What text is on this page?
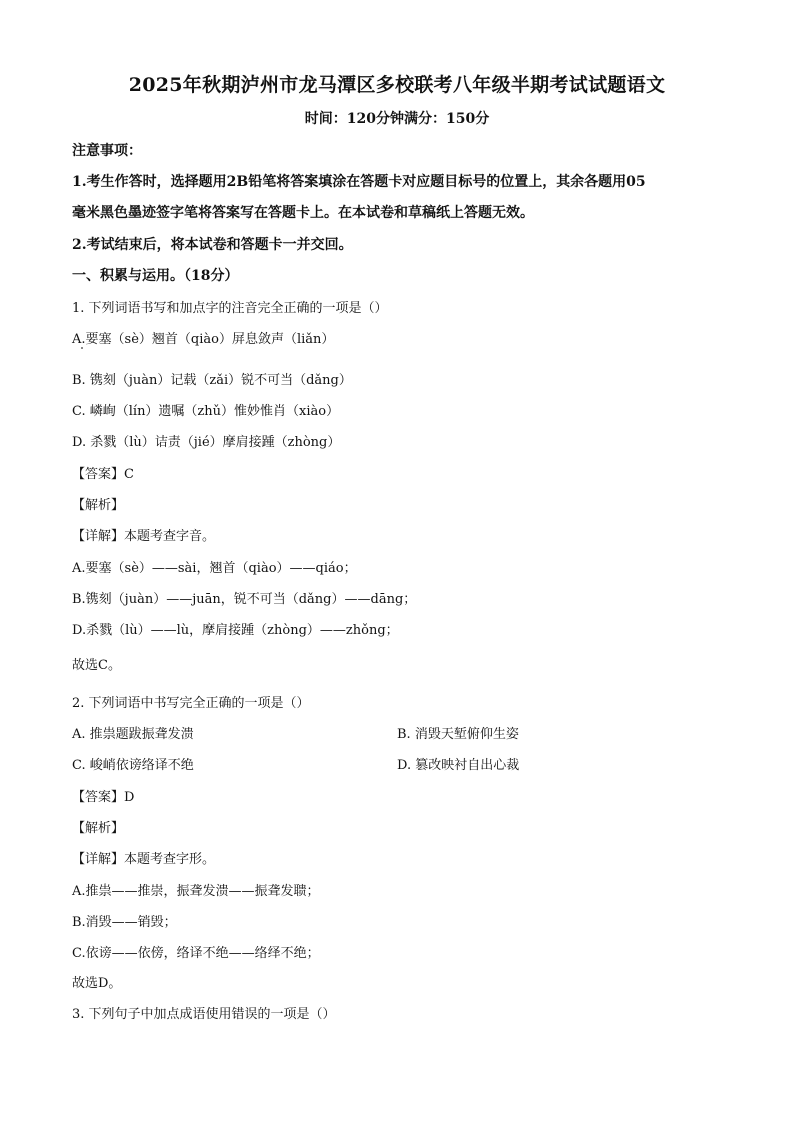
2025年秋期泸州市龙马潭区多校联考八年级半期考试试题语文
时间：120分钟满分：150分
注意事项：
1.考生作答时，选择题用2B铅笔将答案填涂在答题卡对应题目标号的位置上，其余各题用05
毫米黑色墨迹签字笔将答案写在答题卡上。在本试卷和草稿纸上答题无效。
2.考试结束后，将本试卷和答题卡一并交回。
一、积累与运用。（18分）
1. 下列词语书写和加点字的注音完全正确的一项是（）
A.要塞（sè）翘首（qiào）屏息敛声（liǎn）
B. 镌刻（juàn）记载（zǎi）锐不可当（dǎng）
C. 嶙峋（lín）遗嘱（zhǔ）惟妙惟肖（xiào）
D. 杀戮（lù）诘责（jié）摩肩接踵（zhòng）
【答案】C
【解析】
【详解】本题考查字音。
A.要塞（sè）——sài，翘首（qiào）——qiáo；
B.镌刻（juàn）——juān，锐不可当（dǎng）——dāng；
D.杀戮（lù）——lù，摩肩接踵（zhòng）——zhǒng；
故选C。
2. 下列词语中书写完全正确的一项是（）
A. 推祟题跋振聋发溃	B. 消毁天堑俯仰生姿
C. 峻峭依谤络译不绝	D. 篡改映衬自出心裁
【答案】D
【解析】
【详解】本题考查字形。
A.推祟——推崇，振聋发溃——振聋发聩；
B.消毁——销毁；
C.依谤——依傍，络译不绝——络绎不绝；
故选D。
3. 下列句子中加点成语使用错误的一项是（）
